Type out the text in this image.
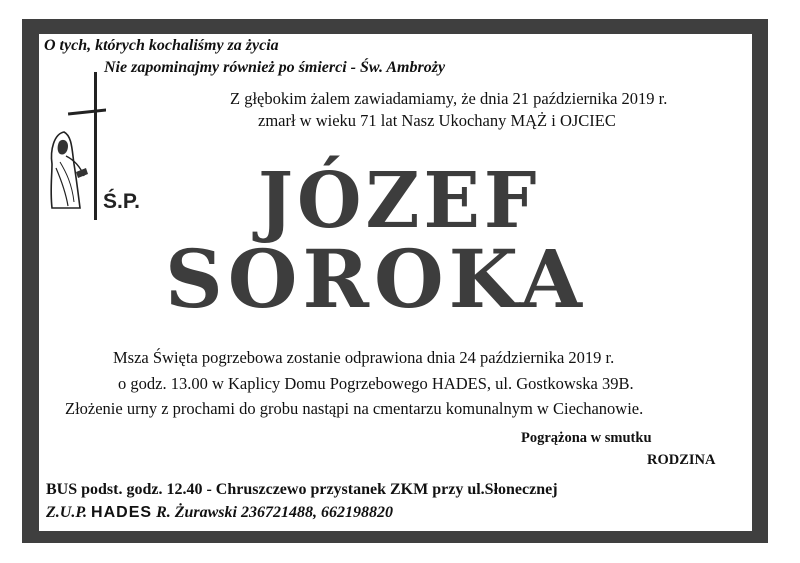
O tych, których kochaliśmy za życia
Nie zapominajmy również po śmierci - Św. Ambroży
Z głębokim żalem zawiadamiamy, że dnia 21 października 2019 r.
zmarł w wieku 71 lat Nasz Ukochany MĄŻ i OJCIEC
Ś.P. JÓZEF
SOROKA
Msza Święta pogrzebowa zostanie odprawiona dnia 24 października 2019 r.
o godz. 13.00 w Kaplicy Domu Pogrzebowego HADES, ul. Gostkowska 39B.
Złożenie urny z prochami do grobu nastąpi na cmentarzu komunalnym w Ciechanowie.
Pogrążona w smutku
RODZINA
BUS podst. godz. 12.40 - Chruszczewo przystanek ZKM przy ul.Słonecznej
Z.U.P. HADES R. Żurawski 236721488, 662198820
